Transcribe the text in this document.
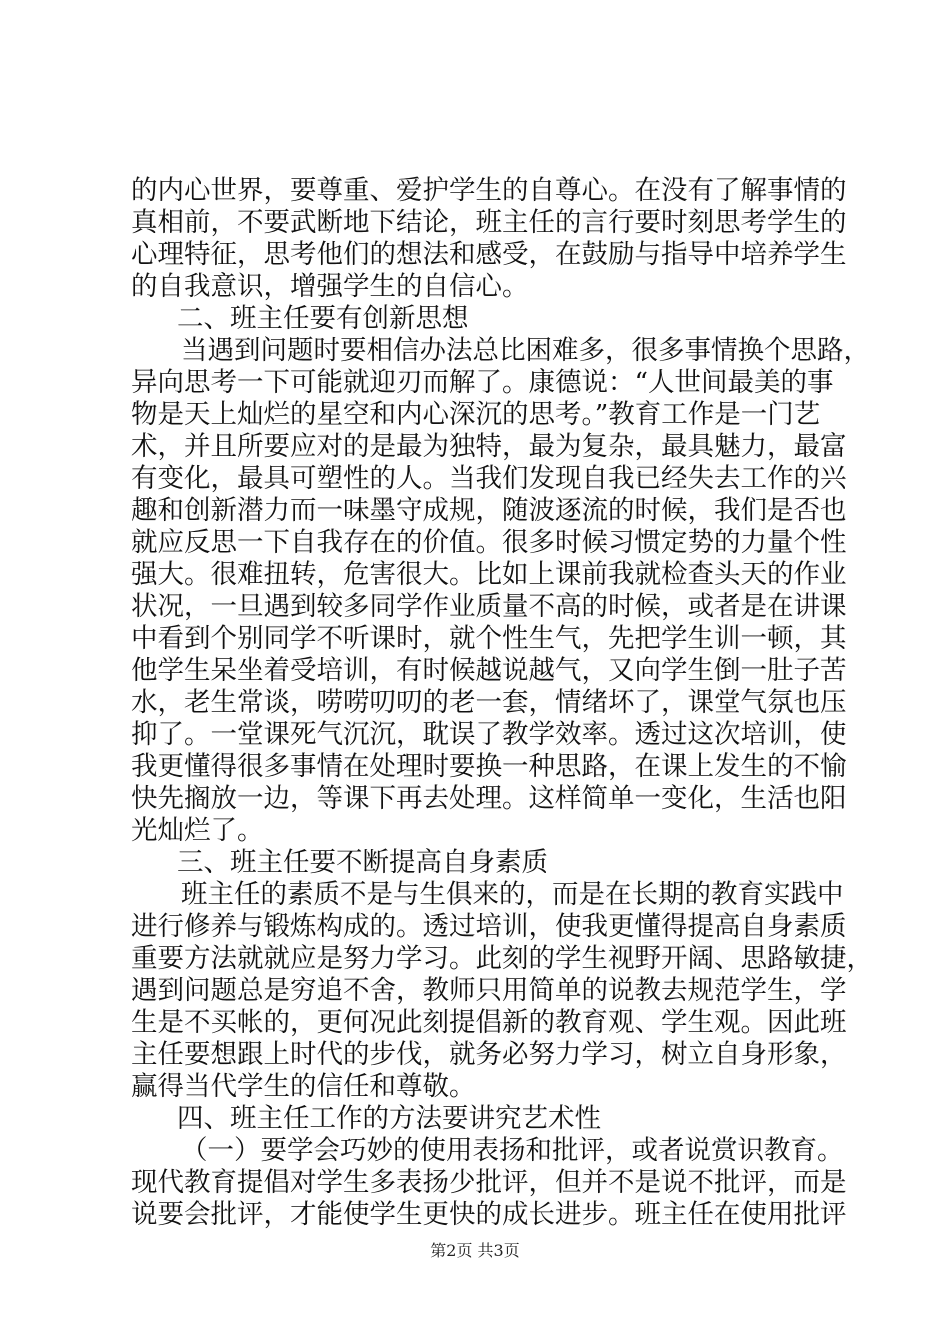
的内心世界，要尊重、爱护学生的自尊心。在没有了解事情的
真相前，不要武断地下结论，班主任的言行要时刻思考学生的
心理特征，思考他们的想法和感受，在鼓励与指导中培养学生
的自我意识，增强学生的自信心。
二、班主任要有创新思想
当遇到问题时要相信办法总比困难多，很多事情换个思路，
异向思考一下可能就迎刃而解了。康德说：“人世间最美的事
物是天上灿烂的星空和内心深沉的思考。”教育工作是一门艺
术，并且所要应对的是最为独特，最为复杂，最具魅力，最富
有变化，最具可塑性的人。当我们发现自我已经失去工作的兴
趣和创新潜力而一味墨守成规，随波逐流的时候，我们是否也
就应反思一下自我存在的价值。很多时候习惯定势的力量个性
强大。很难扭转，危害很大。比如上课前我就检查头天的作业
状况，一旦遇到较多同学作业质量不高的时候，或者是在讲课
中看到个别同学不听课时，就个性生气，先把学生训一顿，其
他学生呆坐着受培训，有时候越说越气，又向学生倒一肚子苦
水，老生常谈，唠唠叨叨的老一套，情绪坏了，课堂气氛也压
抑了。一堂课死气沉沉，耽误了教学效率。透过这次培训，使
我更懂得很多事情在处理时要换一种思路，在课上发生的不愉
快先搁放一边，等课下再去处理。这样简单一变化，生活也阳
光灿烂了。
三、班主任要不断提高自身素质
班主任的素质不是与生俱来的，而是在长期的教育实践中
进行修养与锻炼构成的。透过培训，使我更懂得提高自身素质
重要方法就就应是努力学习。此刻的学生视野开阔、思路敏捷，
遇到问题总是穷追不舍，教师只用简单的说教去规范学生，学
生是不买帐的，更何况此刻提倡新的教育观、学生观。因此班
主任要想跟上时代的步伐，就务必努力学习，树立自身形象，
赢得当代学生的信任和尊敬。
四、班主任工作的方法要讲究艺术性
（一）要学会巧妙的使用表扬和批评，或者说赏识教育。
现代教育提倡对学生多表扬少批评，但并不是说不批评，而是
说要会批评，才能使学生更快的成长进步。班主任在使用批评
第2页 共3页
